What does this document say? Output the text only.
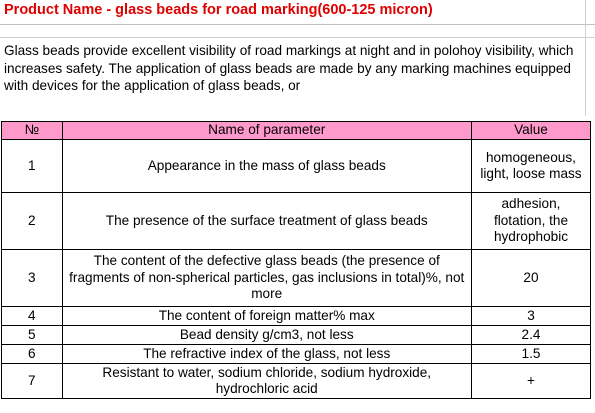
Product Name - glass beads for road marking(600-125 micron)
Glass beads provide excellent visibility of road markings at night and in polohoy visibility, which increases safety. The application of glass beads are made by any marking machines equipped with devices for the application of glass beads, or
№	Name of parameter	Value
1	Appearance in the mass of glass beads	homogeneous, light, loose mass
2	The presence of the surface treatment of glass beads	adhesion, flotation, the hydrophobic
3	The content of the defective glass beads (the presence of fragments of non-spherical particles, gas inclusions in total)%, not more	20
4	The content of foreign matter% max	3
5	Bead density g/cm3, not less	2.4
6	The refractive index of the glass, not less	1.5
7	Resistant to water, sodium chloride, sodium hydroxide, hydrochloric acid	+
